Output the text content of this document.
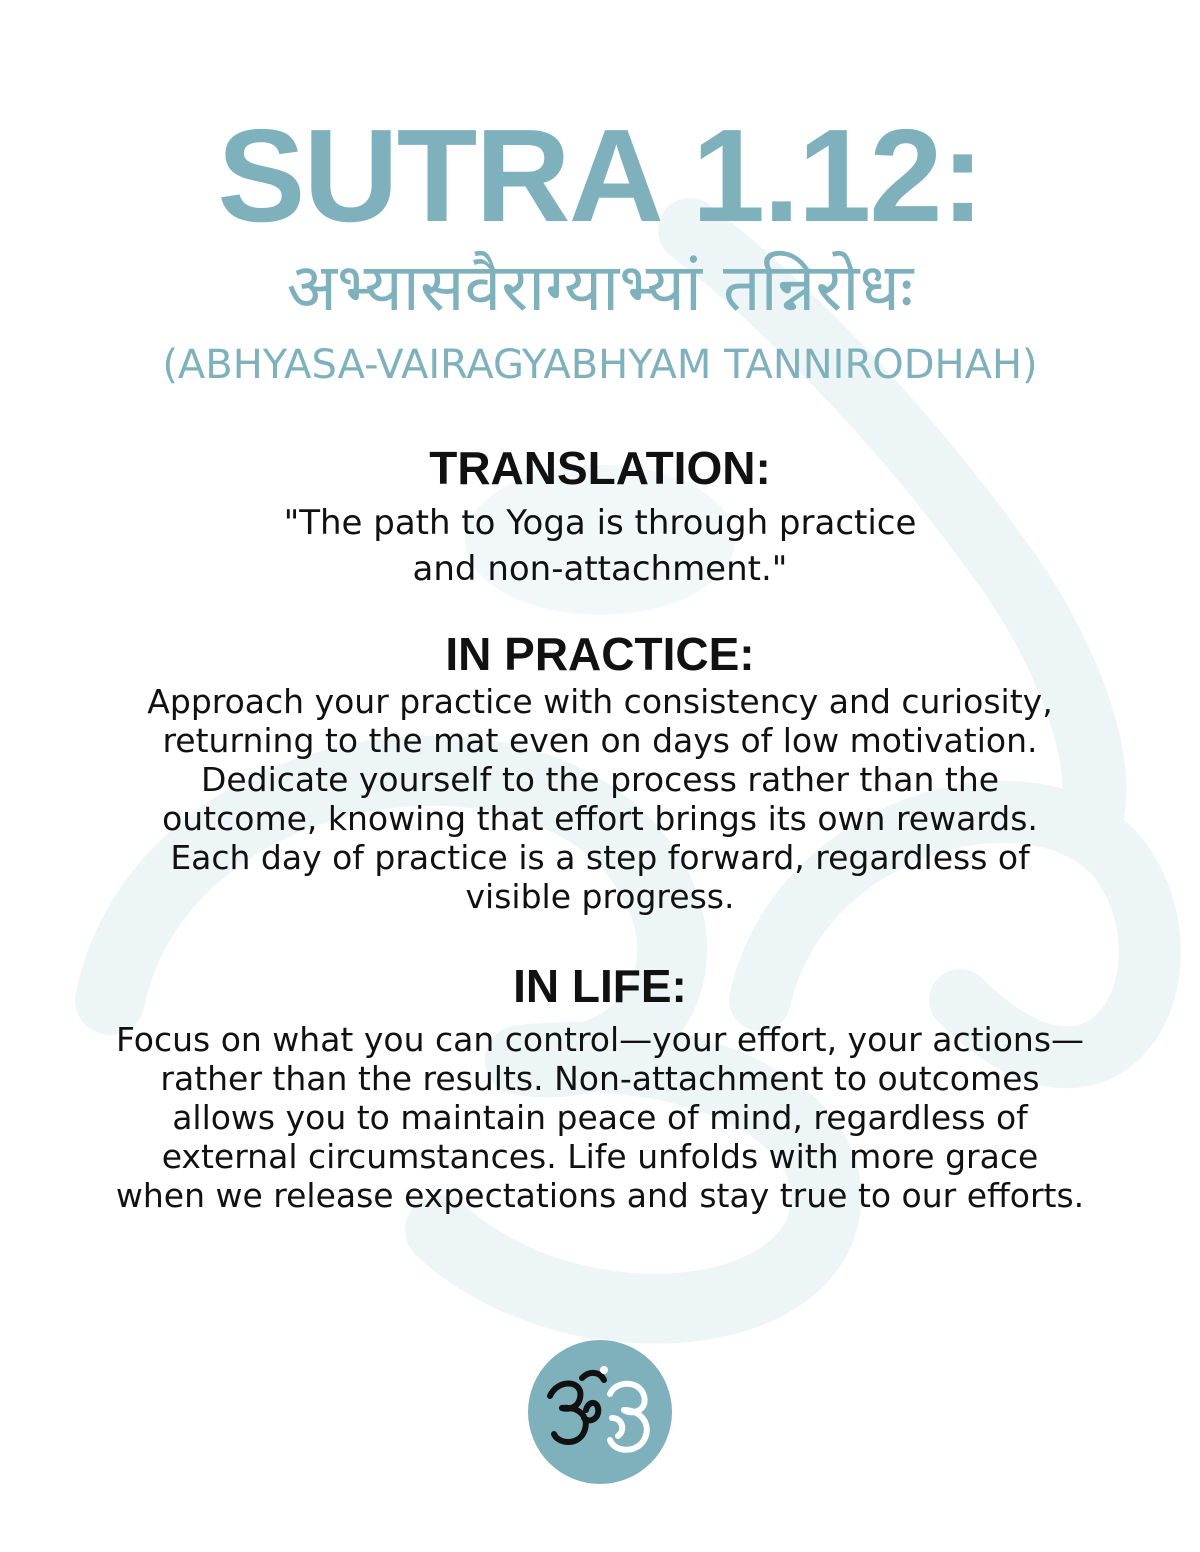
SUTRA 1.12:
अभ्यासवैराग्याभ्यां तन्निरोधः
(ABHYASA-VAIRAGYABHYAM TANNIRODHAH)
TRANSLATION:
"The path to Yoga is through practice
and non-attachment."
IN PRACTICE:
Approach your practice with consistency and curiosity,
returning to the mat even on days of low motivation.
Dedicate yourself to the process rather than the
outcome, knowing that effort brings its own rewards.
Each day of practice is a step forward, regardless of
visible progress.
IN LIFE:
Focus on what you can control—your effort, your actions—
rather than the results. Non-attachment to outcomes
allows you to maintain peace of mind, regardless of
external circumstances. Life unfolds with more grace
when we release expectations and stay true to our efforts.
